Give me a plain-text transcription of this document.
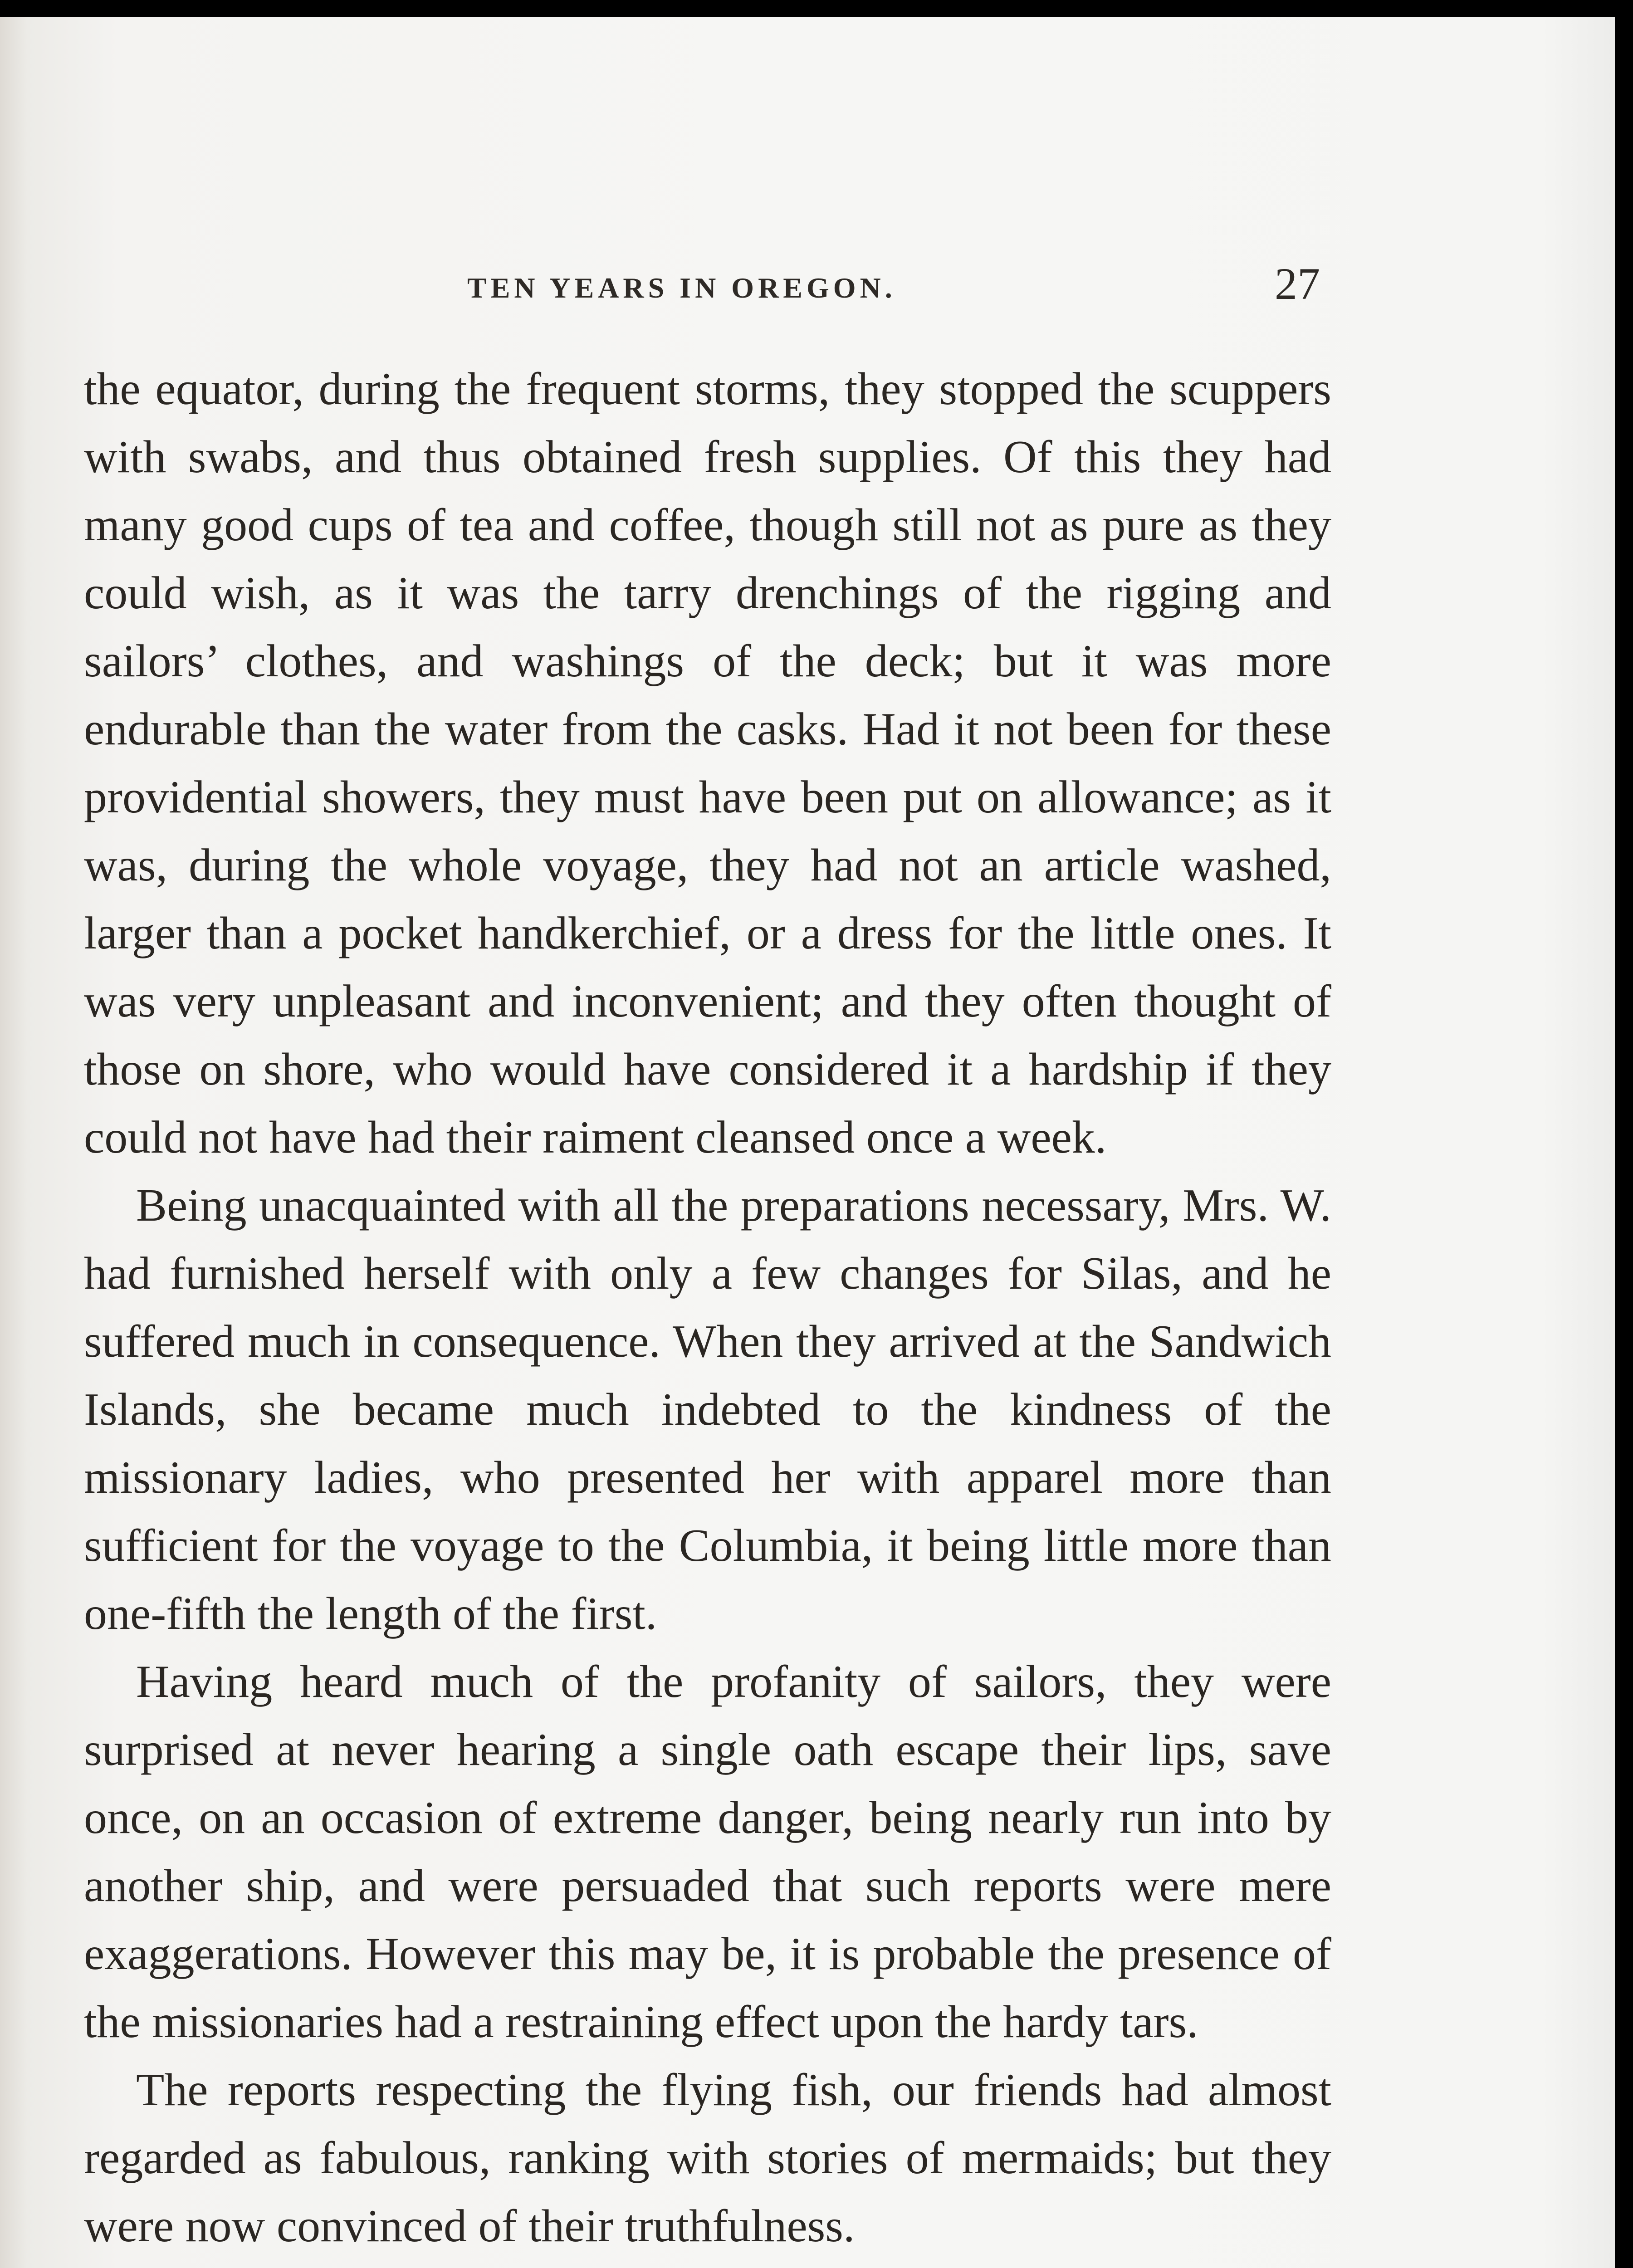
TEN YEARS IN OREGON.	27

the equator, during the frequent storms, they stopped the scuppers with swabs, and thus obtained fresh supplies. Of this they had many good cups of tea and coffee, though still not as pure as they could wish, as it was the tarry drenchings of the rigging and sailors’ clothes, and washings of the deck; but it was more endurable than the water from the casks. Had it not been for these providential showers, they must have been put on allowance; as it was, during the whole voyage, they had not an article washed, larger than a pocket handkerchief, or a dress for the little ones. It was very unpleasant and inconvenient; and they often thought of those on shore, who would have considered it a hardship if they could not have had their raiment cleansed once a week.

Being unacquainted with all the preparations necessary, Mrs. W. had furnished herself with only a few changes for Silas, and he suffered much in consequence. When they arrived at the Sandwich Islands, she became much indebted to the kindness of the missionary ladies, who presented her with apparel more than sufficient for the voyage to the Columbia, it being little more than one-fifth the length of the first.

Having heard much of the profanity of sailors, they were surprised at never hearing a single oath escape their lips, save once, on an occasion of extreme danger, being nearly run into by another ship, and were persuaded that such reports were mere exaggerations. However this may be, it is probable the presence of the missionaries had a restraining effect upon the hardy tars.

The reports respecting the flying fish, our friends had almost regarded as fabulous, ranking with stories of mermaids; but they were now convinced of their truthfulness.
